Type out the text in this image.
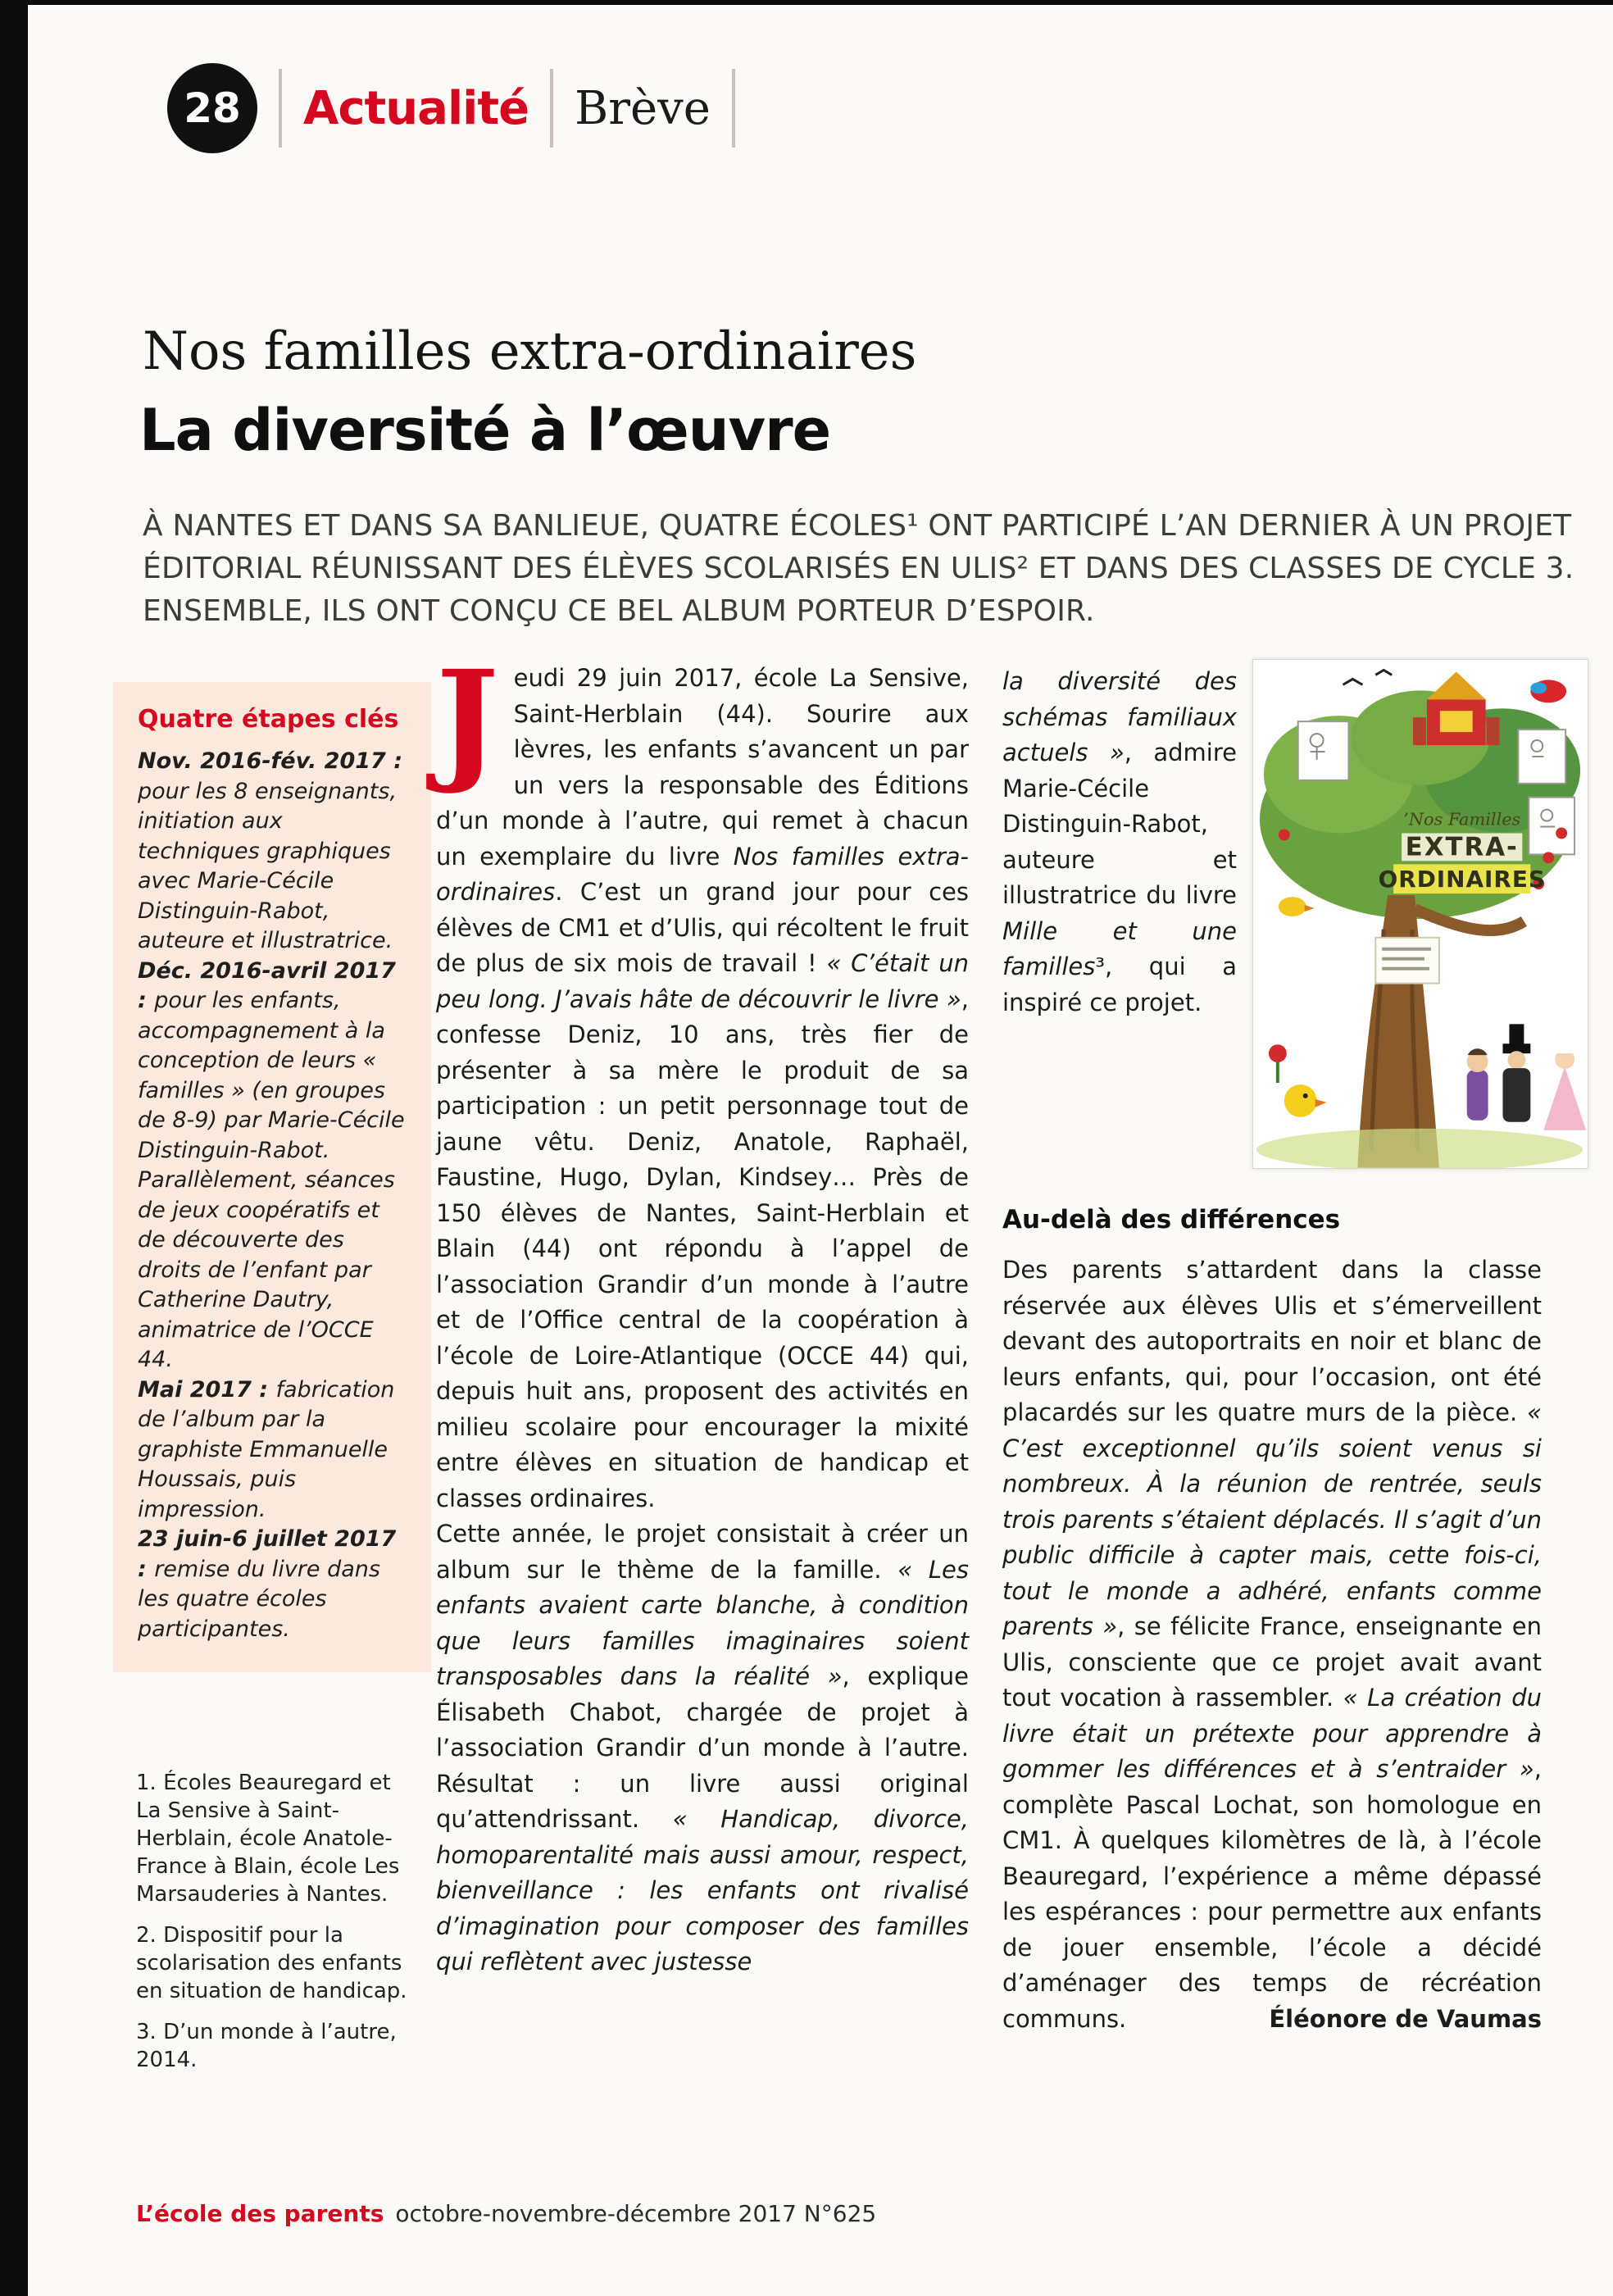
28	Actualité Brève
Nos familles extra-ordinaires
La diversité à l’œuvre
À NANTES ET DANS SA BANLIEUE, QUATRE ÉCOLES¹ ONT PARTICIPÉ L’AN DERNIER À UN PROJET ÉDITORIAL RÉUNISSANT DES ÉLÈVES SCOLARISÉS EN ULIS² ET DANS DES CLASSES DE CYCLE 3. ENSEMBLE, ILS ONT CONÇU CE BEL ALBUM PORTEUR D’ESPOIR.
Quatre étapes clés

Nov. 2016-fév. 2017 : pour les 8 enseignants, initiation aux techniques graphiques avec Marie-Cécile Distinguin-Rabot, auteure et illustratrice.

Déc. 2016-avril 2017 : pour les enfants, accompagnement à la conception de leurs « familles » (en groupes de 8-9) par Marie-Cécile Distinguin-Rabot. Parallèlement, séances de jeux coopératifs et de découverte des droits de l’enfant par Catherine Dautry, animatrice de l’OCCE 44.

Mai 2017 : fabrication de l’album par la graphiste Emmanuelle Houssais, puis impression.

23 juin-6 juillet 2017 : remise du livre dans les quatre écoles participantes.

1. Écoles Beauregard et La Sensive à Saint-Herblain, école Anatole-France à Blain, école Les Marsauderies à Nantes.
2. Dispositif pour la scolarisation des enfants en situation de handicap.
3. D’un monde à l’autre, 2014.

Jeudi 29 juin 2017, école La Sensive, Saint-Herblain (44). Sourire aux lèvres, les enfants s’avancent un par un vers la responsable des Éditions d’un monde à l’autre, qui remet à chacun un exemplaire du livre Nos familles extra-ordinaires. C’est un grand jour pour ces élèves de CM1 et d’Ulis, qui récoltent le fruit de plus de six mois de travail ! « C’était un peu long. J’avais hâte de découvrir le livre », confesse Deniz, 10 ans, très fier de présenter à sa mère le produit de sa participation : un petit personnage tout de jaune vêtu. Deniz, Anatole, Raphaël, Faustine, Hugo, Dylan, Kindsey… Près de 150 élèves de Nantes, Saint-Herblain et Blain (44) ont répondu à l’appel de l’association Grandir d’un monde à l’autre et de l’Office central de la coopération à l’école de Loire-Atlantique (OCCE 44) qui, depuis huit ans, proposent des activités en milieu scolaire pour encourager la mixité entre élèves en situation de handicap et classes ordinaires.

Cette année, le projet consistait à créer un album sur le thème de la famille. « Les enfants avaient carte blanche, à condition que leurs familles imaginaires soient transposables dans la réalité », explique Élisabeth Chabot, chargée de projet à l’association Grandir d’un monde à l’autre. Résultat : un livre aussi original qu’attendrissant. « Handicap, divorce, homoparentalité mais aussi amour, respect, bienveillance : les enfants ont rivalisé d’imagination pour composer des familles qui reflètent avec justesse

la diversité des schémas familiaux actuels », admire Marie-Cécile Distinguin-Rabot, auteure et illustratrice du livre Mille et une familles³, qui a inspiré ce projet.
’Nos Familles
EXTRA-
ORDINAIRES
Au-delà des différences
Des parents s’attardent dans la classe réservée aux élèves Ulis et s’émerveillent devant des autoportraits en noir et blanc de leurs enfants, qui, pour l’occasion, ont été placardés sur les quatre murs de la pièce. « C’est exceptionnel qu’ils soient venus si nombreux. À la réunion de rentrée, seuls trois parents s’étaient déplacés. Il s’agit d’un public difficile à capter mais, cette fois-ci, tout le monde a adhéré, enfants comme parents », se félicite France, enseignante en Ulis, consciente que ce projet avait avant tout vocation à rassembler. « La création du livre était un prétexte pour apprendre à gommer les différences et à s’entraider », complète Pascal Lochat, son homologue en CM1. À quelques kilomètres de là, à l’école Beauregard, l’expérience a même dépassé les espérances : pour permettre aux enfants de jouer ensemble, l’école a décidé d’aménager des temps de récréation communs.	Éléonore de Vaumas
L’école des parents octobre-novembre-décembre 2017 N°625
